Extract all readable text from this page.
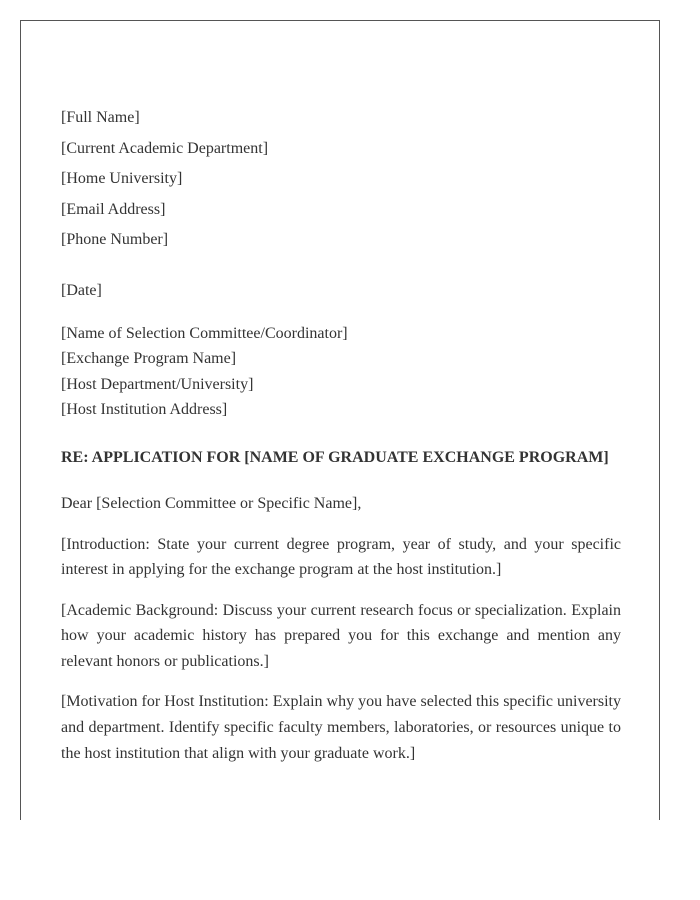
[Full Name]
[Current Academic Department]
[Home University]
[Email Address]
[Phone Number]
[Date]
[Name of Selection Committee/Coordinator]
[Exchange Program Name]
[Host Department/University]
[Host Institution Address]
RE: APPLICATION FOR [NAME OF GRADUATE EXCHANGE PROGRAM]
Dear [Selection Committee or Specific Name],
[Introduction: State your current degree program, year of study, and your specific interest in applying for the exchange program at the host institution.]
[Academic Background: Discuss your current research focus or specialization. Explain how your academic history has prepared you for this exchange and mention any relevant honors or publications.]
[Motivation for Host Institution: Explain why you have selected this specific university and department. Identify specific faculty members, laboratories, or resources unique to the host institution that align with your graduate work.]
